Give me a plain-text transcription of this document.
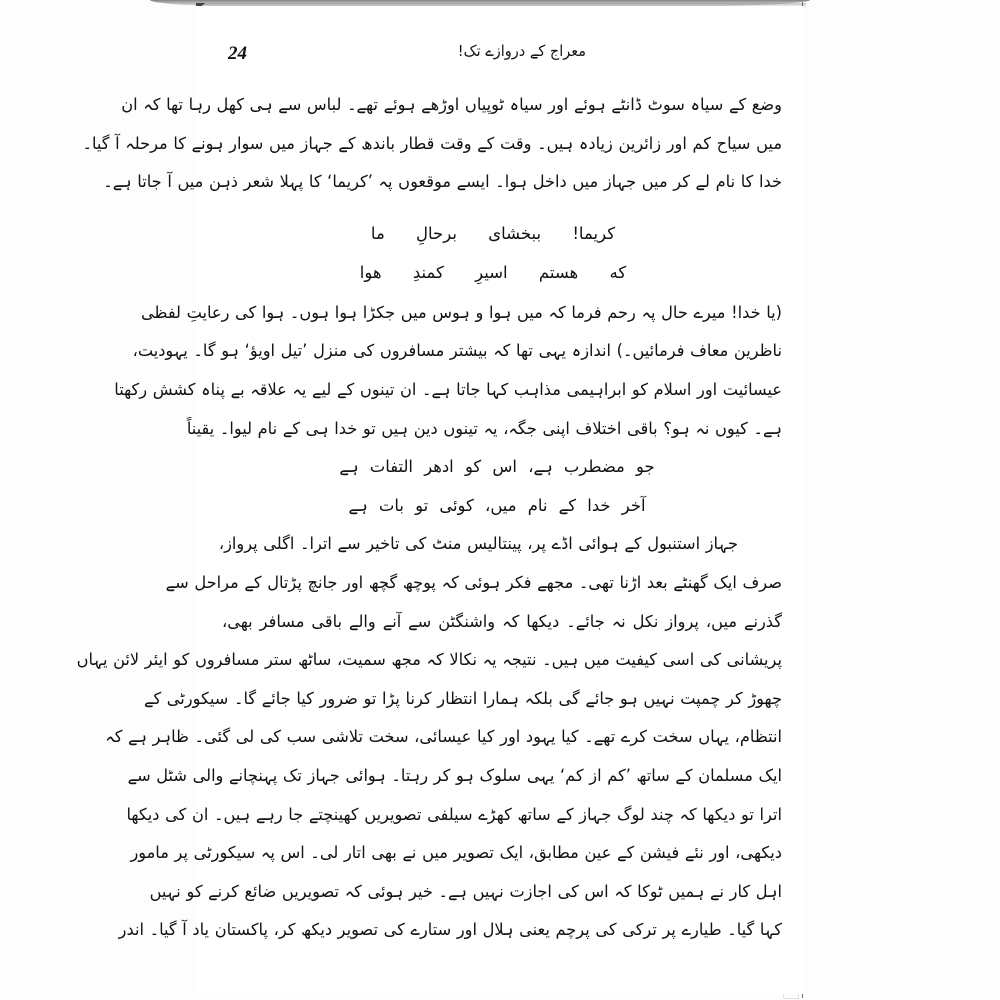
24	معراج کے دروازے تک!
وضع کے سیاہ سوٹ ڈانٹے ہوئے اور سیاہ ٹوپیاں اوڑھے ہوئے تھے۔ لباس سے ہی کھل رہا تھا کہ ان
میں سیاح کم اور زائرین زیادہ ہیں۔ وقت کے وقت قطار باندھ کے جہاز میں سوار ہونے کا مرحلہ آ گیا۔
خدا کا نام لے کر میں جہاز میں داخل ہوا۔ ایسے موقعوں پہ ’کریما‘ کا پہلا شعر ذہن میں آ جاتا ہے۔
کریما! ببخشای برحالِ ما
که هستم اسیرِ کمندِ هوا
(یا خدا! میرے حال پہ رحم فرما کہ میں ہوا و ہوس میں جکڑا ہوا ہوں۔ ہوا کی رعایتِ لفظی
ناظرین معاف فرمائیں۔) اندازہ یہی تھا کہ بیشتر مسافروں کی منزل ’تیل اویؤ‘ ہو گا۔ یہودیت،
عیسائیت اور اسلام کو ابراہیمی مذاہب کہا جاتا ہے۔ ان تینوں کے لیے یہ علاقہ بے پناہ کشش رکھتا
ہے۔ کیوں نہ ہو؟ باقی اختلاف اپنی جگہ، یہ تینوں دین ہیں تو خدا ہی کے نام لیوا۔ یقیناً
جو مضطرب ہے، اس کو ادھر التفات ہے
آخر خدا کے نام میں، کوئی تو بات ہے
جہاز استنبول کے ہوائی اڈے پر، پینتالیس منٹ کی تاخیر سے اترا۔ اگلی پرواز،
صرف ایک گھنٹے بعد اڑنا تھی۔ مجھے فکر ہوئی کہ پوچھ گچھ اور جانچ پڑتال کے مراحل سے
گذرنے میں، پرواز نکل نہ جائے۔ دیکھا کہ واشنگٹن سے آنے والے باقی مسافر بھی،
پریشانی کی اسی کیفیت میں ہیں۔ نتیجہ یہ نکالا کہ مجھ سمیت، ساٹھ ستر مسافروں کو ایئر لائن یہاں
چھوڑ کر چمپت نہیں ہو جائے گی بلکہ ہمارا انتظار کرنا پڑا تو ضرور کیا جائے گا۔ سیکورٹی کے
انتظام، یہاں سخت کرے تھے۔ کیا یہود اور کیا عیسائی، سخت تلاشی سب کی لی گئی۔ ظاہر ہے کہ
ایک مسلمان کے ساتھ ’کم از کم‘ یہی سلوک ہو کر رہتا۔ ہوائی جہاز تک پہنچانے والی شٹل سے
اترا تو دیکھا کہ چند لوگ جہاز کے ساتھ کھڑے سیلفی تصویریں کھینچتے جا رہے ہیں۔ ان کی دیکھا
دیکھی، اور نئے فیشن کے عین مطابق، ایک تصویر میں نے بھی اتار لی۔ اس پہ سیکورٹی پر مامور
اہل کار نے ہمیں ٹوکا کہ اس کی اجازت نہیں ہے۔ خیر ہوئی کہ تصویریں ضائع کرنے کو نہیں
کہا گیا۔ طیارے پر ترکی کی پرچم یعنی ہلال اور ستارے کی تصویر دیکھ کر، پاکستان یاد آ گیا۔ اندر
